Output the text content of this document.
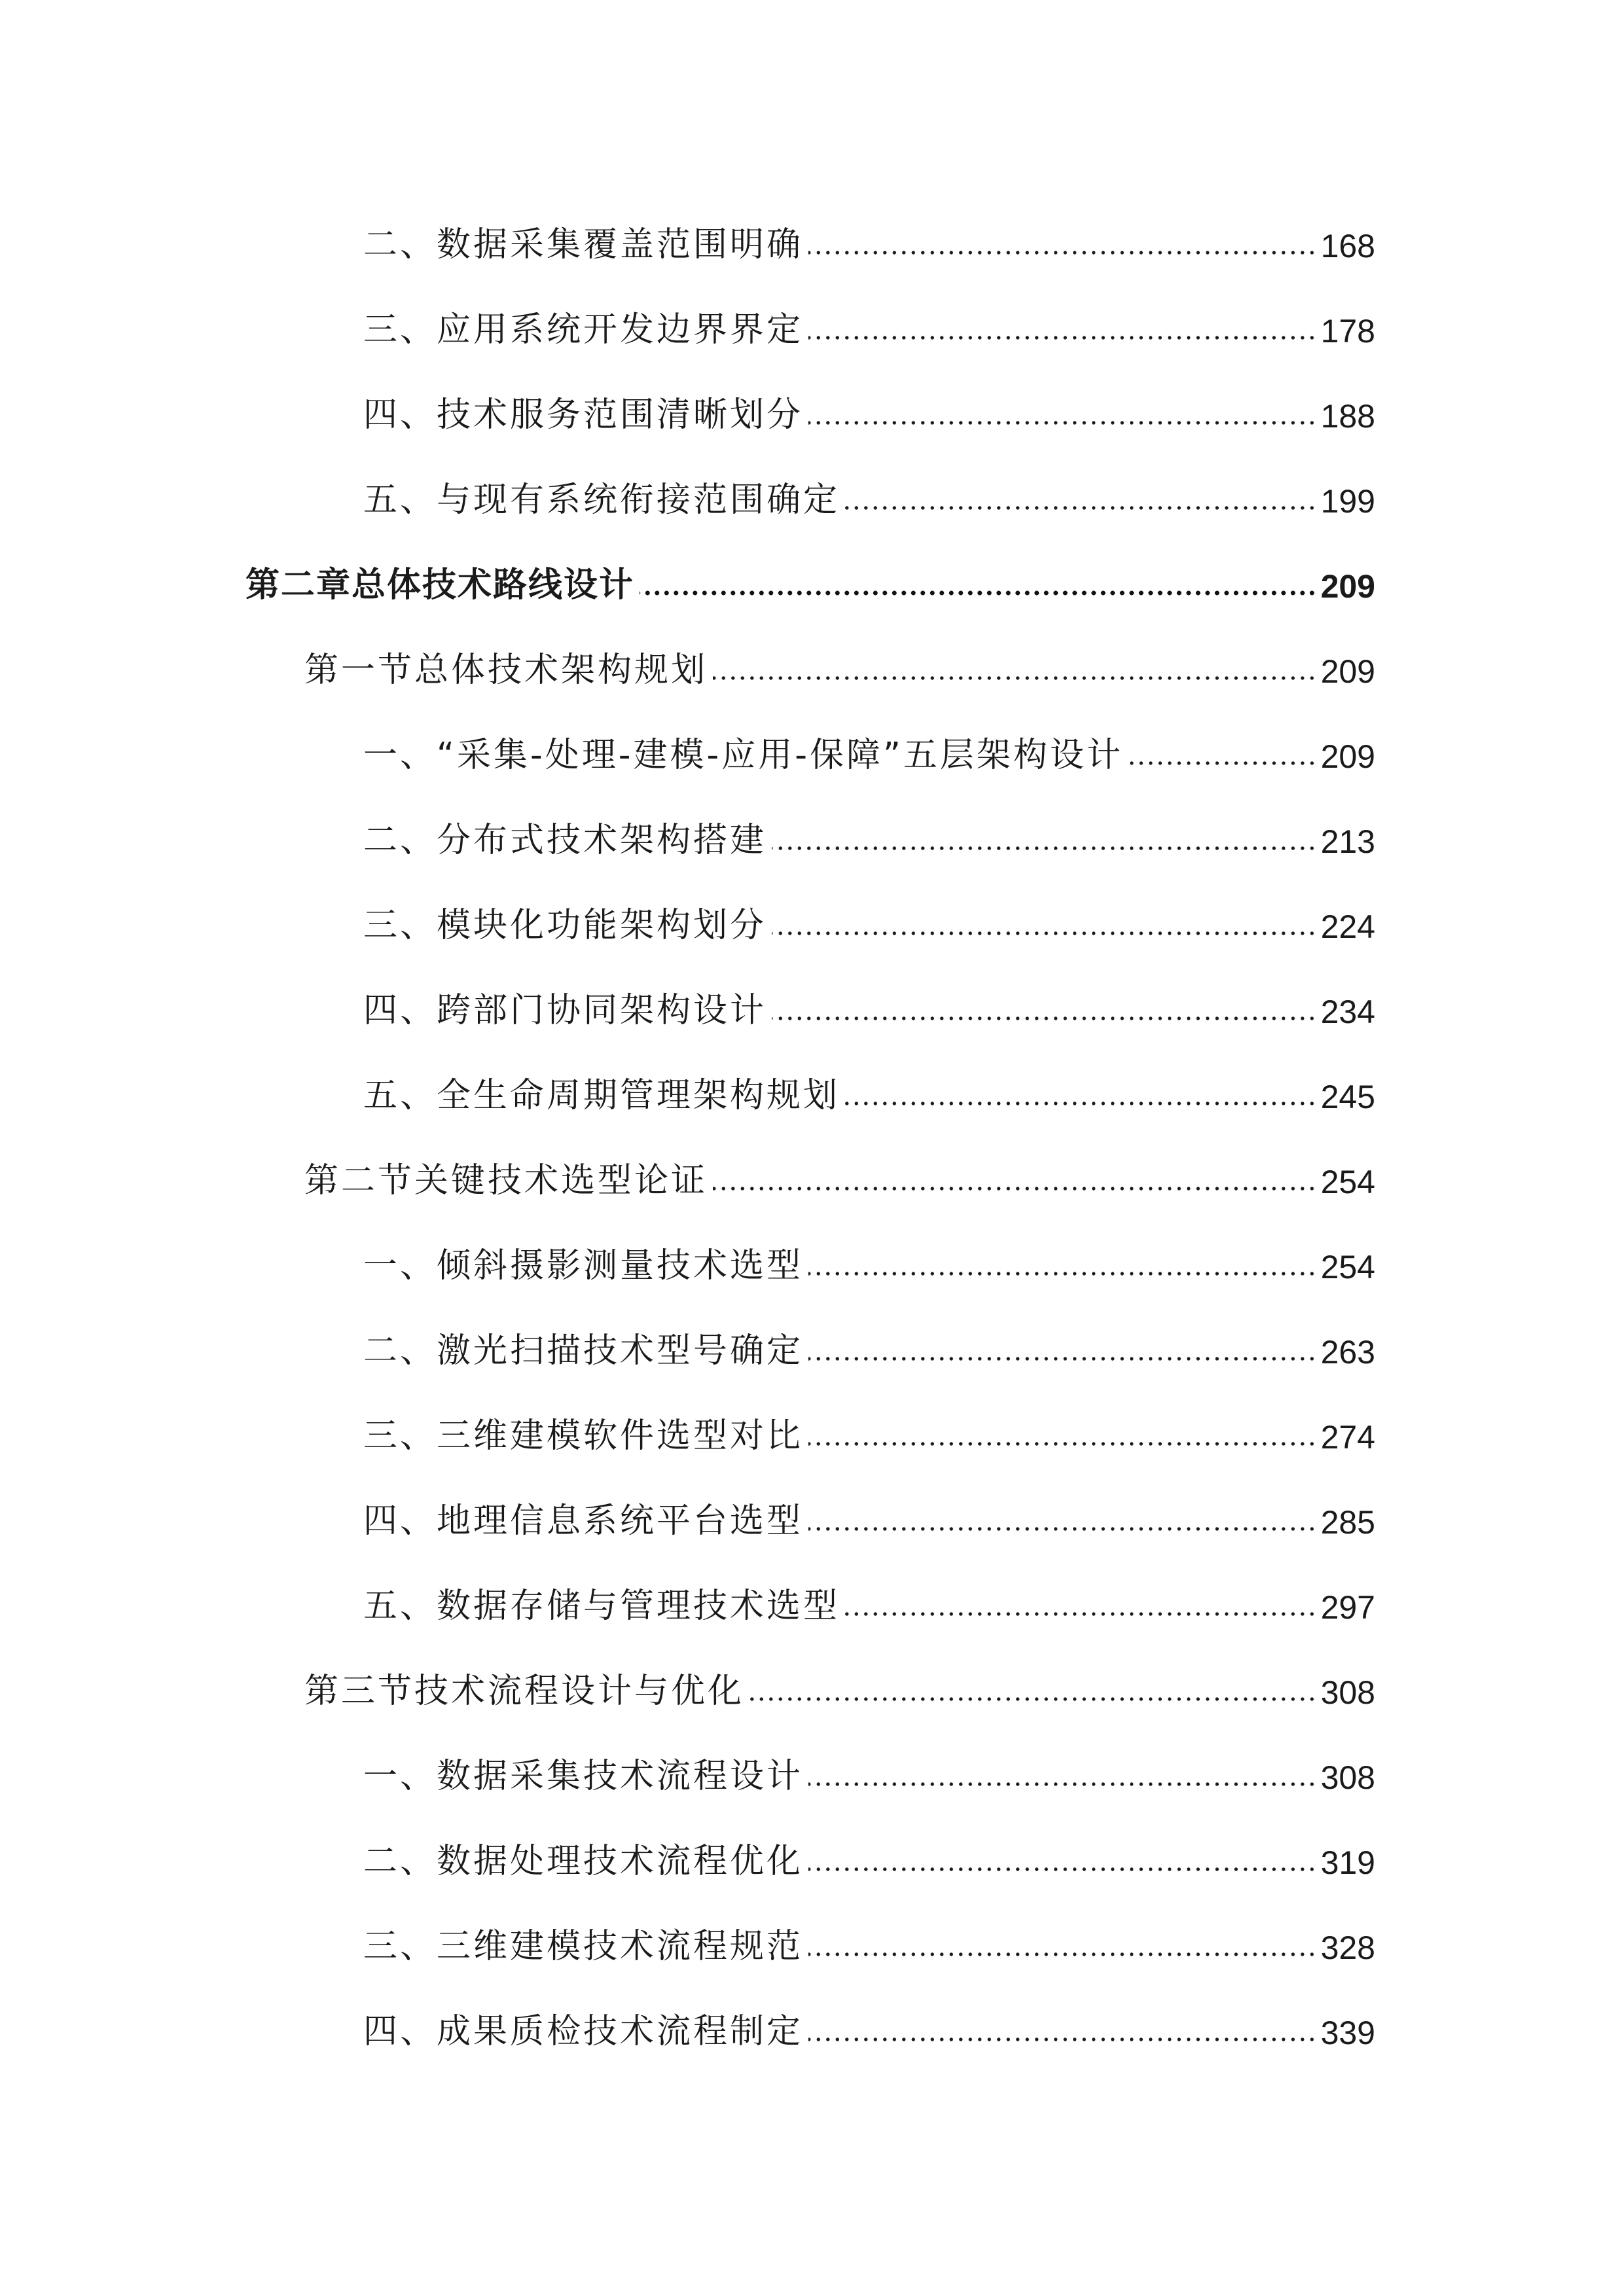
二、数据采集覆盖范围明确	168
三、应用系统开发边界界定	178
四、技术服务范围清晰划分	188
五、与现有系统衔接范围确定	199
第二章总体技术路线设计	209
第一节总体技术架构规划	209
一、“采集-处理-建模-应用-保障”五层架构设计	209
二、分布式技术架构搭建	213
三、模块化功能架构划分	224
四、跨部门协同架构设计	234
五、全生命周期管理架构规划	245
第二节关键技术选型论证	254
一、倾斜摄影测量技术选型	254
二、激光扫描技术型号确定	263
三、三维建模软件选型对比	274
四、地理信息系统平台选型	285
五、数据存储与管理技术选型	297
第三节技术流程设计与优化	308
一、数据采集技术流程设计	308
二、数据处理技术流程优化	319
三、三维建模技术流程规范	328
四、成果质检技术流程制定	339
